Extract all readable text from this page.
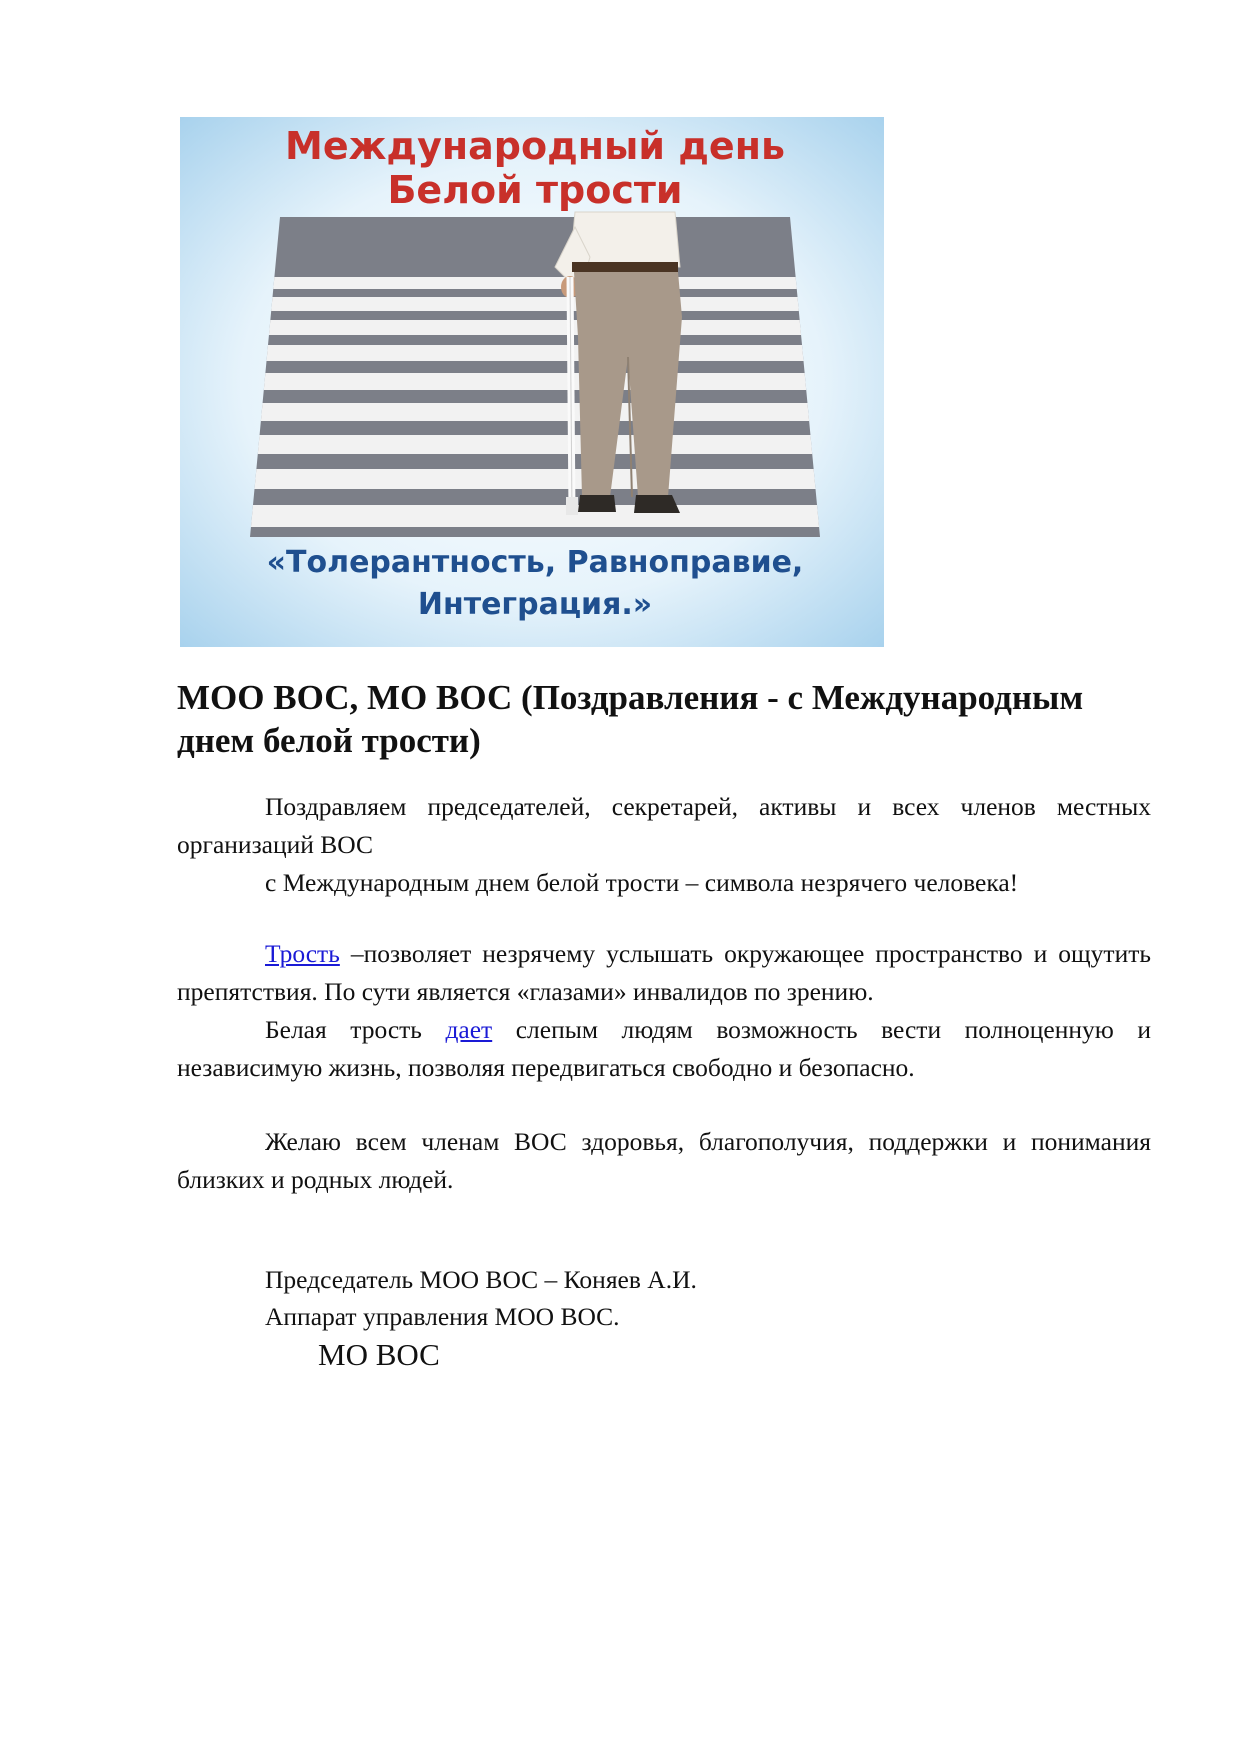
Международный день
Белой трости
«Толерантность, Равноправие,
Интеграция.»
МОО ВОС, МО ВОС (Поздравления - с Международным днем белой трости)

Поздравляем председателей, секретарей, активы и всех членов местных организаций ВОС

с Международным днем белой трости – символа незрячего человека!

Трость –позволяет незрячему услышать окружающее пространство и ощутить препятствия. По сути является «глазами» инвалидов по зрению.

Белая трость дает слепым людям возможность вести полноценную и независимую жизнь, позволяя передвигаться свободно и безопасно.

Желаю всем членам ВОС здоровья, благополучия, поддержки и понимания близких и родных людей.

Председатель МОО ВОС – Коняев А.И.

Аппарат управления МОО ВОС.

МО ВОС
